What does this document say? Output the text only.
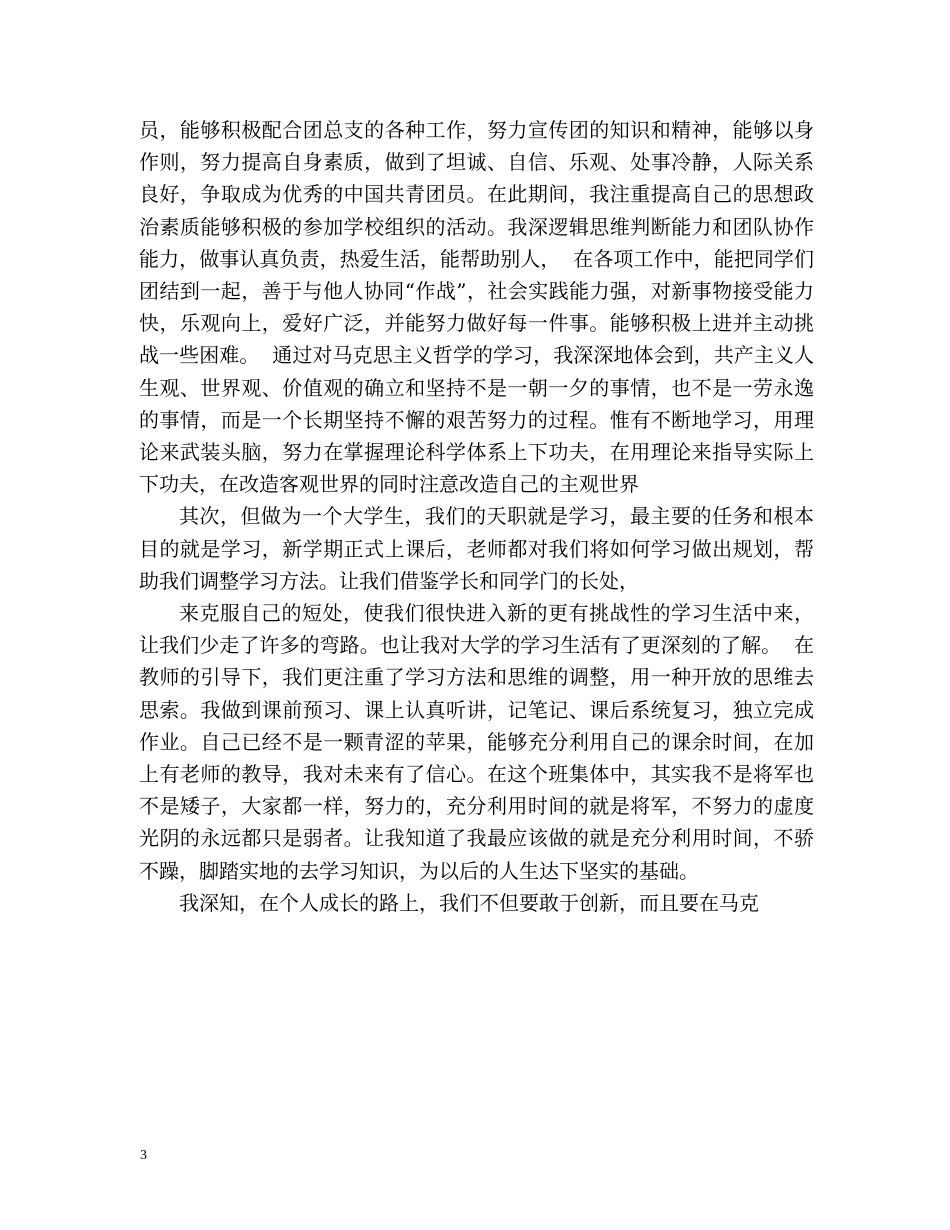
员，能够积极配合团总支的各种工作，努力宣传团的知识和精神，能够以身作则，努力提高自身素质，做到了坦诚、自信、乐观、处事冷静，人际关系良好，争取成为优秀的中国共青团员。在此期间，我注重提高自己的思想政治素质能够积极的参加学校组织的活动。我深逻辑思维判断能力和团队协作能力，做事认真负责，热爱生活，能帮助别人，  在各项工作中，能把同学们团结到一起，善于与他人协同“作战”，社会实践能力强，对新事物接受能力快，乐观向上，爱好广泛，并能努力做好每一件事。能够积极上进并主动挑战一些困难。  通过对马克思主义哲学的学习，我深深地体会到，共产主义人生观、世界观、价值观的确立和坚持不是一朝一夕的事情，也不是一劳永逸的事情，而是一个长期坚持不懈的艰苦努力的过程。惟有不断地学习，用理论来武装头脑，努力在掌握理论科学体系上下功夫，在用理论来指导实际上下功夫，在改造客观世界的同时注意改造自己的主观世界

其次，但做为一个大学生，我们的天职就是学习，最主要的任务和根本目的就是学习，新学期正式上课后，老师都对我们将如何学习做出规划，帮助我们调整学习方法。让我们借鉴学长和同学门的长处，

来克服自己的短处，使我们很快进入新的更有挑战性的学习生活中来，让我们少走了许多的弯路。也让我对大学的学习生活有了更深刻的了解。  在教师的引导下，我们更注重了学习方法和思维的调整，用一种开放的思维去思索。我做到课前预习、课上认真听讲，记笔记、课后系统复习，独立完成作业。自己已经不是一颗青涩的苹果，能够充分利用自己的课余时间，在加上有老师的教导，我对未来有了信心。在这个班集体中，其实我不是将军也不是矮子，大家都一样，努力的，充分利用时间的就是将军，不努力的虚度光阴的永远都只是弱者。让我知道了我最应该做的就是充分利用时间，不骄不躁，脚踏实地的去学习知识，为以后的人生达下坚实的基础。

我深知，在个人成长的路上，我们不但要敢于创新，而且要在马克

3
